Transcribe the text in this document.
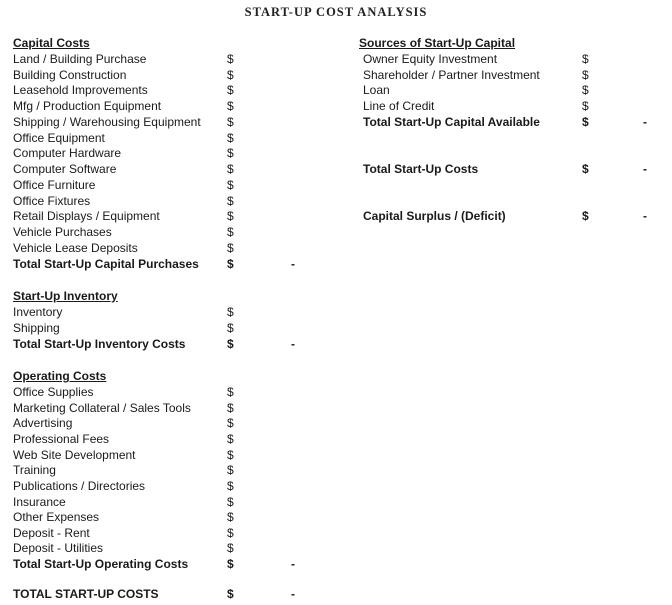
START-UP COST ANALYSIS
Capital Costs
Land / Building Purchase	$
Building Construction	$
Leasehold Improvements	$
Mfg / Production Equipment	$
Shipping / Warehousing Equipment $
Office Equipment	$
Computer Hardware	$
Computer Software	$
Office Furniture	$
Office Fixtures	$
Retail Displays / Equipment	$
Vehicle Purchases	$
Vehicle Lease Deposits	$
Total Start-Up Capital Purchases $	-
Start-Up Inventory
Inventory	$
Shipping	$
Total Start-Up Inventory Costs	$	-
Operating Costs
Office Supplies	$
Marketing Collateral / Sales Tools	$
Advertising	$
Professional Fees	$
Web Site Development	$
Training	$
Publications / Directories	$
Insurance	$
Other Expenses	$
Deposit - Rent	$
Deposit - Utilities	$
Total Start-Up Operating Costs	$	-
TOTAL START-UP COSTS	$	-
Sources of Start-Up Capital
Owner Equity Investment	$
Shareholder / Partner Investment	$
Loan	$
Line of Credit	$
Total Start-Up Capital Available	$	-
Total Start-Up Costs	$	-
Capital Surplus / (Deficit)	$	-
